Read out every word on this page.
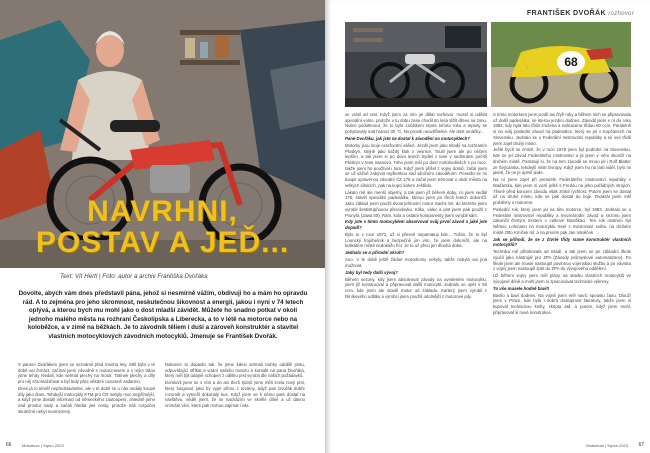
NAVRHNI,
POSTAV A JEĎ...
Text: Vít Hertl | Foto: autor a archiv Františka Dvořáka
Dovolte, abych vám dnes představil pána, jehož si nesmírně vážím, obdivuji ho a mám ho opravdu rád. A to zejména pro jeho skromnost, neskutečnou šikovnost a energii, jakou i nyní v 74 letech oplývá, a kterou bych mu mohl jako o dost mladší závidět. Můžete ho snadno potkat v okolí jednoho malého města na rozhraní Českolipska a Liberecka, a to v létě na motorce nebo na koloběžce, a v zimě na běžkách. Je to závodník těliem i duší a zároveň konstruktér a stavitel vlastních motocyklových závodních motocyklů. Jmenuje se František Dvořák.

S panem Dvořákem jsem se seznámil před mnoha lety. Měl byla v té době asi čtrnáct, začínal jsem závodně s motocrossem a s mým tátou jsme tehdy hledali, kde sehnat plechy na motor. Tatínek plechy a díly pro něj shromažďoval a byl tedy přes některé rozumně zadarmo.

Dnes já to téměř nepředstavitelné, ale v té době se u nás nedaly koupit díly jako dnes. Tehdejší motocykly KTM pro ČR nebyly moc nejpřímější, a když jsme dostali informaci od německého zastoupení, ohledně jsme nad prostor sady a začali hledat jiné cesty, protože náš rozpočet skutečně nebyl neomezený.

Nakonec to dopadlo tak, že jsme kdesi sehnali trubky oddělil pístu, odpovídající stříkat a vrtání našeho motoru a kontakt na pana Dvořáka, který měl být údajně schopen z odlitku píst vyrobit dle našich požadavků.

Domluvil jsem se s ním a do asi třech týdnů jsme měli zcela nový píst, který fungoval, jako by vyjel přímo z továrny, když pan Dvořák dobře rozuměl a vytvořil dokonalý kus. Když jsem se k němu poté dostal na návštěvu, věděl jsem, že se nacházím ve skvělé dílně a už dávno vnímám věci, které pak mohou zajímat i vás.

66	Motorkurz | Srpen 2023
FRANTIŠEK DVOŘÁK rozhovor
68

se vrátil od vrat. Když jsem za ním jel dělat rozhovor, mosel si udělat speciální volno, protože v tu dobu zase chodil do lesa těžit dřevo na zimu. Nutno podotknout, že to bylo začátkem srpna tohoto roku a teploty se pohybovaly nad hranicí 30 °C. No prostě neuvěřitelné. Ale dost omáčky...

Pane Dvořáku, jak jste se dostal k závodění na motocyklech?

Motorky jsou moje celoživotní vášeň. Jezdil jsem jako mladý na rozhraním Ploskyn, stejně jako každý kluk z vesnice. Toulil jsem ale po něčem lepším, a tak jsem si po dovu letech bydlel v tese v sedmnácti počítlí Ploskyn v tese nasnovo. Toho jsem měl po dost motohodinách s po ruce, takže jsem ho používal i tam. Když jsem přišel z vojny domů, začal jsem se už vážně zabývat myšlenkou nad silničním závoděním. Posedlo se mi koupit upravenou závodní ČZ 175 a začal jsem trénovat v okolí města na velkých silnicích, pak na kopci kolem Ještědu.

Lákalo mě ale menší objemy, a tak jsem již během doby, co jsem sedlal 175, stavěl speciální padesátku, kterou jsem po třech letech dokončil. Jako základ jsem použil dvourychlostní motor Sachs 50, do kterého jsem vyrobil šestistupňovou převodovku. Kliku, válec a píst jsem pak použil z Pionýra (Jawa 50). Rám, kola a ostatní komponenty jsem vyrobil sám.

Kdy jste s tímto motocyklem absolvoval svůj první závod a jaké jste dopadl?

Bylo to v roce 1972, už si přesně nepamatuji kde... Tušim, že to byl Lounský trojúhelník a bezpečně jim vím, že jsem dokončil, ale na kolikátém místě nedokážu říct. Je to už přeci jen dlouhá doba.

Jednalo se o přírodní okruh?

Ano. V té době ještě žádné motodromy nebyly, takže nebyla ani jiná možnost.

Jaký byl tedy další vývoj?

Během sezony, kdy jsem absolvoval závody na uvedeném motocyklu, jsem již konstruoval a připravoval další motocykl. Jednalo se opět o 50 ccm, kde jsem ale stavěl motor od základu. Karterý jsem vyrobil z hliníkového odlitku a výrobci jsem použili odolnější z motorové pily.

S tímto motorkem jsem jezdil asi čtyři roky a během nich se připravovala už další padesátka, se kterou jezdim dodnes. Závodil jsem s ní do roku 1983, kdy byla tato třída zrušena a nahrazena třídou 80 ccm. Paralelně si na svůj poslední závod na padesátce, který se jel v Kopčanech na Slovensku. Jednalo se o Federální mistrovství republiky a se své třídě jsem zajel druhý místo.

Ještě bych se zmínil, že v roce 1978 jsem byl podruhé na Slovensku, kde se jel závod Federálního mistrovství a já jsem v něm skončil na druhém místě. Pamatuji si, že na tom závodě se mnou jel i Rolf Blatter ze Švýcarska, tehdejší mistr Evropy. Když jsem ho na trati viděl, bylo mi jasné, že on je úplně jinde.

Na ní jsem zajel při premiéře Federálního mistrovství republiky v Maďarsku, kde jsem si vozil ještě s Ferdou na jeho pořádných strojích. Těsně před koncem závodu však ztratil rychlost. Potom jsem se dostal až na druhé místo, kde se pak dostal do boje. Dvakrát jsem měl problémy s motorem.

Poslední rok, který jsem jel na této motorce, byl 1993. Jednalo se o Federální mistrovství republiky a mezinárodní závod a sezonu jsem zakončil čtvrtým místem v celkové klasifikaci. Ten rok mistrem byl Němec Lohmann na motocyklu Seel z mistrovství světa, na druhém místě Otto Kmíček ml. a na prvním pak Jan Vaněček.

Jak se přihodi, že se z čtvrté třídy stane konstruktér vlastních motocyklů?

Technika mě přitahovala od mládí, a tak jsem se po základní škole vyučil jako nástrojař pro ZPA (Závody průmyslové automatizace). Po škole jsem ale musel nastoupit povinnou vojenskou službu a po návratu z vojny jsem nastoupil zpět do ZPA do vývojového oddělení.

Už během vojny jsem měl plány na stavbu vlastních motocyklů ve vývojové dílně a mohl jsem si zpracovávat technické výkresy.

To vše musele hodně bavit!

Bavilo a baví dodnes. Na vojně jsem měl navíc spoustu času. Dlouží jsem v Praze, kde byla i dobrá dostupnost literatury, takže jsem si kupoval technickou knihy, skripta atd. a potom, když jsem mohl, připravoval si nové konstrukce.

Motorkurz | Srpen 2023 67
